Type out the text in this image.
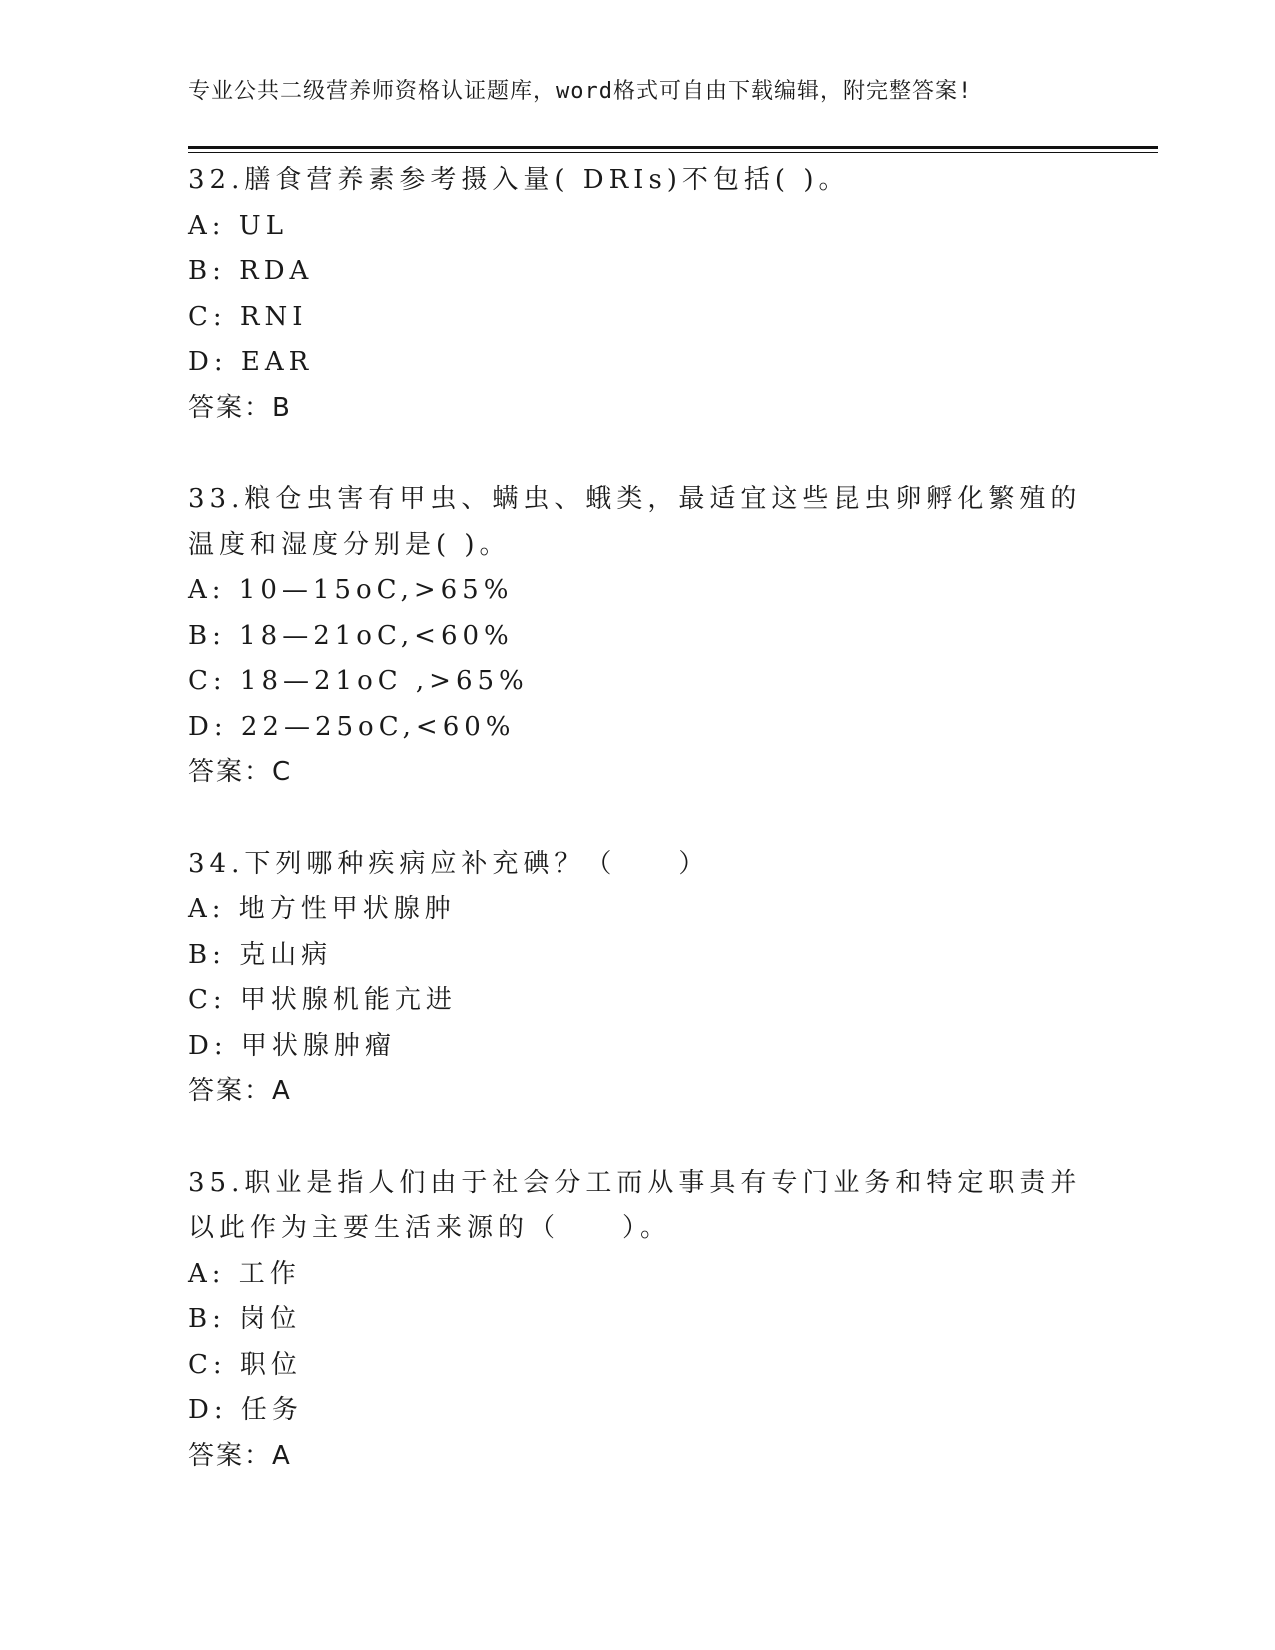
专业公共二级营养师资格认证题库，word格式可自由下载编辑，附完整答案!
32.膳食营养素参考摄入量( DRIs)不包括( )。
A: UL
B: RDA
C: RNI
D: EAR
答案：B
33.粮仓虫害有甲虫、螨虫、蛾类，最适宜这些昆虫卵孵化繁殖的温度和湿度分别是( )。
A: 10—15oC,>65%
B: 18—21oC,<60%
C: 18—21oC ,>65%
D: 22—25oC,<60%
答案：C
34.下列哪种疾病应补充碘？（　　）
A: 地方性甲状腺肿
B: 克山病
C: 甲状腺机能亢进
D: 甲状腺肿瘤
答案：A
35.职业是指人们由于社会分工而从事具有专门业务和特定职责并以此作为主要生活来源的（　　）。
A: 工作
B: 岗位
C: 职位
D: 任务
答案：A
